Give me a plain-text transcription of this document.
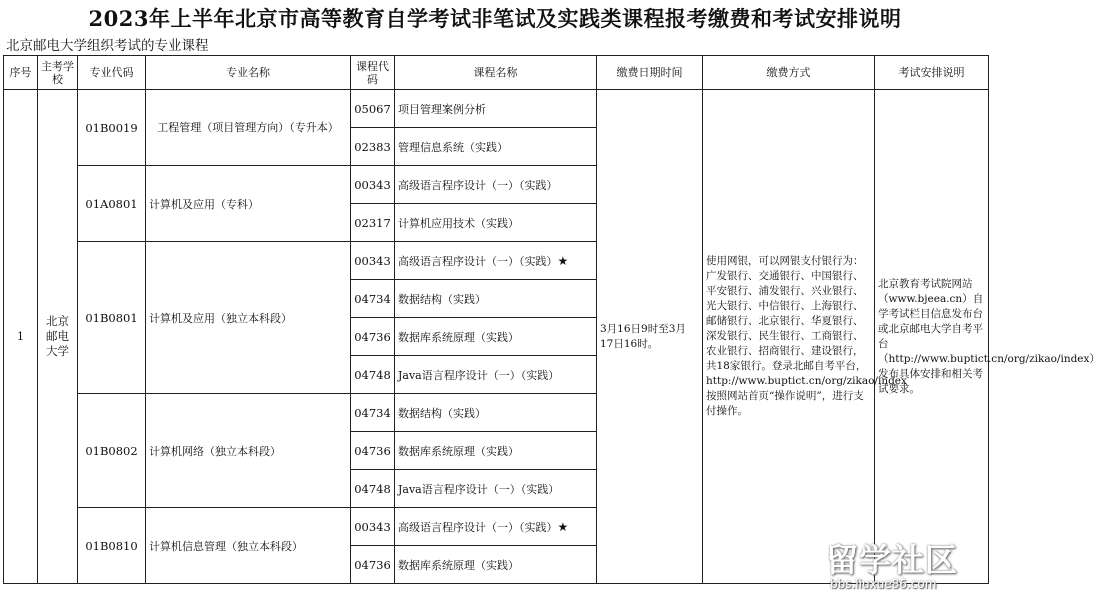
2023年上半年北京市高等教育自学考试非笔试及实践类课程报考缴费和考试安排说明
北京邮电大学组织考试的专业课程
序号	主考学校	专业代码	专业名称	课程代码	课程名称	缴费日期时间	缴费方式	考试安排说明
1	北京邮电大学	01B0019	工程管理（项目管理方向）（专升本）	05067	项目管理案例分析	3月16日9时至3月17日16时。	使用网银，可以网银支付银行为：广发银行、交通银行、中国银行、平安银行、浦发银行、兴业银行、光大银行、中信银行、上海银行、邮储银行、北京银行、华夏银行、深发银行、民生银行、工商银行、农业银行、招商银行、建设银行，共18家银行。登录北邮自考平台，http://www.buptict.cn/org/zikao/index按照网站首页“操作说明”，进行支付操作。	北京教育考试院网站（www.bjeea.cn）自学考试栏目信息发布台或北京邮电大学自考平台（http://www.buptict.cn/org/zikao/index）发布具体安排和相关考试要求。
				02383	管理信息系统（实践）			
		01A0801	计算机及应用（专科）	00343	高级语言程序设计（一）（实践）			
				02317	计算机应用技术（实践）			
		01B0801	计算机及应用（独立本科段）	00343	高级语言程序设计（一）（实践）★			
				04734	数据结构（实践）			
				04736	数据库系统原理（实践）			
				04748	Java语言程序设计（一）（实践）			
		01B0802	计算机网络（独立本科段）	04734	数据结构（实践）			
				04736	数据库系统原理（实践）			
				04748	Java语言程序设计（一）（实践）			
		01B0810	计算机信息管理（独立本科段）	00343	高级语言程序设计（一）（实践）★			
				04736	数据库系统原理（实践）				留学社区
bbs.liuxue86.com
